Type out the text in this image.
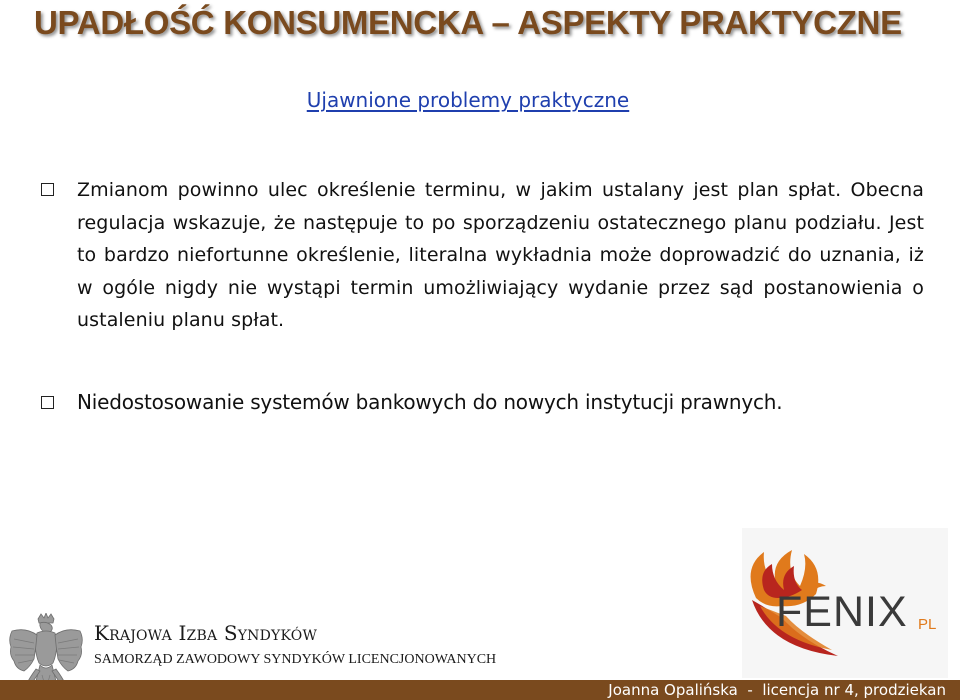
UPADŁOŚĆ KONSUMENCKA – ASPEKTY PRAKTYCZNE
Ujawnione problemy praktyczne
Zmianom powinno ulec określenie terminu, w jakim ustalany jest plan spłat. Obecna regulacja wskazuje, że następuje to po sporządzeniu ostatecznego planu podziału. Jest to bardzo niefortunne określenie, literalna wykładnia może doprowadzić do uznania, iż w ogóle nigdy nie wystąpi termin umożliwiający wydanie przez sąd postanowienia o ustaleniu planu spłat.
Niedostosowanie systemów bankowych do nowych instytucji prawnych.
Krajowa Izba Syndyków
SAMORZĄD ZAWODOWY SYNDYKÓW LICENCJONOWANYCH
FENIX PL
Joanna Opalińska  -  licencja nr 4, prodziekan
